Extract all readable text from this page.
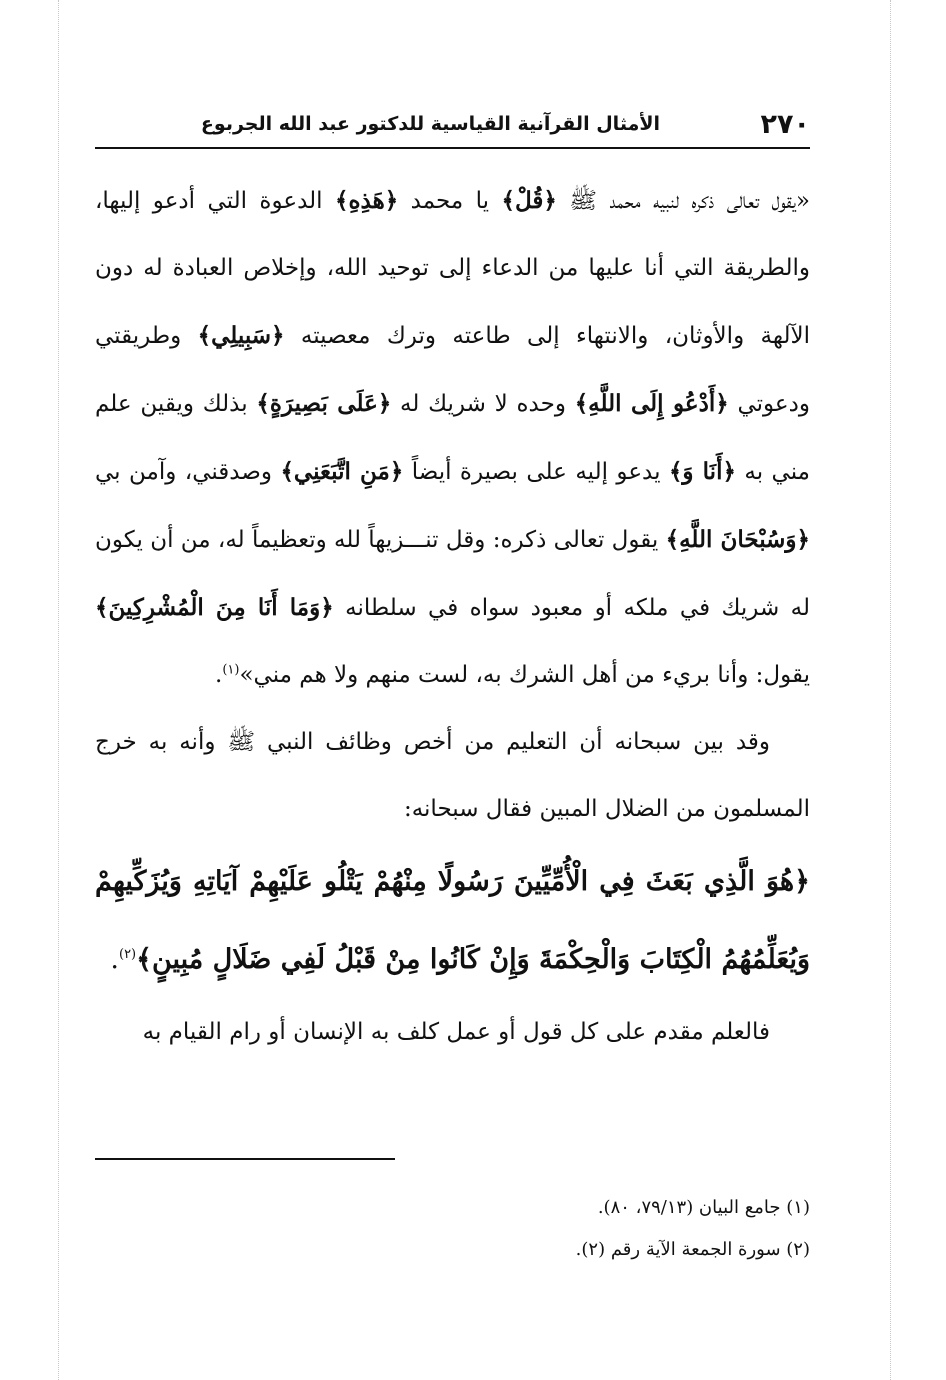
٢٧٠
الأمثال القرآنية القياسية للدكتور عبد الله الجربوع

«يقول تعالى ذكره لنبيه محمد ﷺ ﴿قُلْ﴾ يا محمد ﴿هَذِهِ﴾ الدعوة التي أدعو إليها، والطريقة التي أنا عليها من الدعاء إلى توحيد الله، وإخلاص العبادة له دون الآلهة والأوثان، والانتهاء إلى طاعته وترك معصيته ﴿سَبِيلِي﴾ وطريقتي ودعوتي ﴿أَدْعُو إِلَى اللَّهِ﴾ وحده لا شريك له ﴿عَلَى بَصِيرَةٍ﴾ بذلك ويقين علم مني به ﴿أَنَا وَ﴾ يدعو إليه على بصيرة أيضاً ﴿مَنِ اتَّبَعَنِي﴾ وصدقني، وآمن بي ﴿وَسُبْحَانَ اللَّهِ﴾ يقول تعالى ذكره: وقل تنـــزيهاً لله وتعظيماً له، من أن يكون له شريك في ملكه أو معبود سواه في سلطانه ﴿وَمَا أَنَا مِنَ الْمُشْرِكِينَ﴾ يقول: وأنا بريء من أهل الشرك به، لست منهم ولا هم مني»$^{(١)}$.

وقد بين سبحانه أن التعليم من أخص وظائف النبي ﷺ وأنه به خرج المسلمون من الضلال المبين فقال سبحانه:

﴿هُوَ الَّذِي بَعَثَ فِي الْأُمِّيِّينَ رَسُولًا مِنْهُمْ يَتْلُو عَلَيْهِمْ آيَاتِهِ وَيُزَكِّيهِمْ وَيُعَلِّمُهُمُ الْكِتَابَ وَالْحِكْمَةَ وَإِنْ كَانُوا مِنْ قَبْلُ لَفِي ضَلَالٍ مُبِينٍ﴾$^{(٢)}$.

فالعلم مقدم على كل قول أو عمل كلف به الإنسان أو رام القيام به

(١) جامع البيان (٧٩/١٣، ٨٠).
(٢) سورة الجمعة الآية رقم (٢).
